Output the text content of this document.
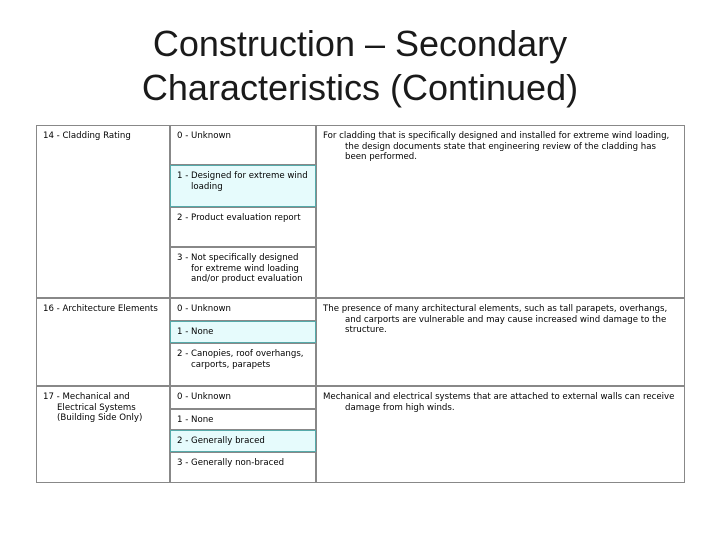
Construction – Secondary
Characteristics (Continued)
14 - Cladding Rating	0 - Unknown
1 - Designed for extreme wind loading
2 - Product evaluation report
3 - Not specifically designed for extreme wind loading and/or product evaluation
For cladding that is specifically designed and installed for extreme wind loading, the design documents state that engineering review of the cladding has been performed.
16 - Architecture Elements	0 - Unknown
1 - None
2 - Canopies, roof overhangs, carports, parapets
The presence of many architectural elements, such as tall parapets, overhangs, and carports are vulnerable and may cause increased wind damage to the structure.
17 - Mechanical and Electrical Systems (Building Side Only)
0 - Unknown
1 - None
2 - Generally braced
3 - Generally non-braced
Mechanical and electrical systems that are attached to external walls can receive damage from high winds.
